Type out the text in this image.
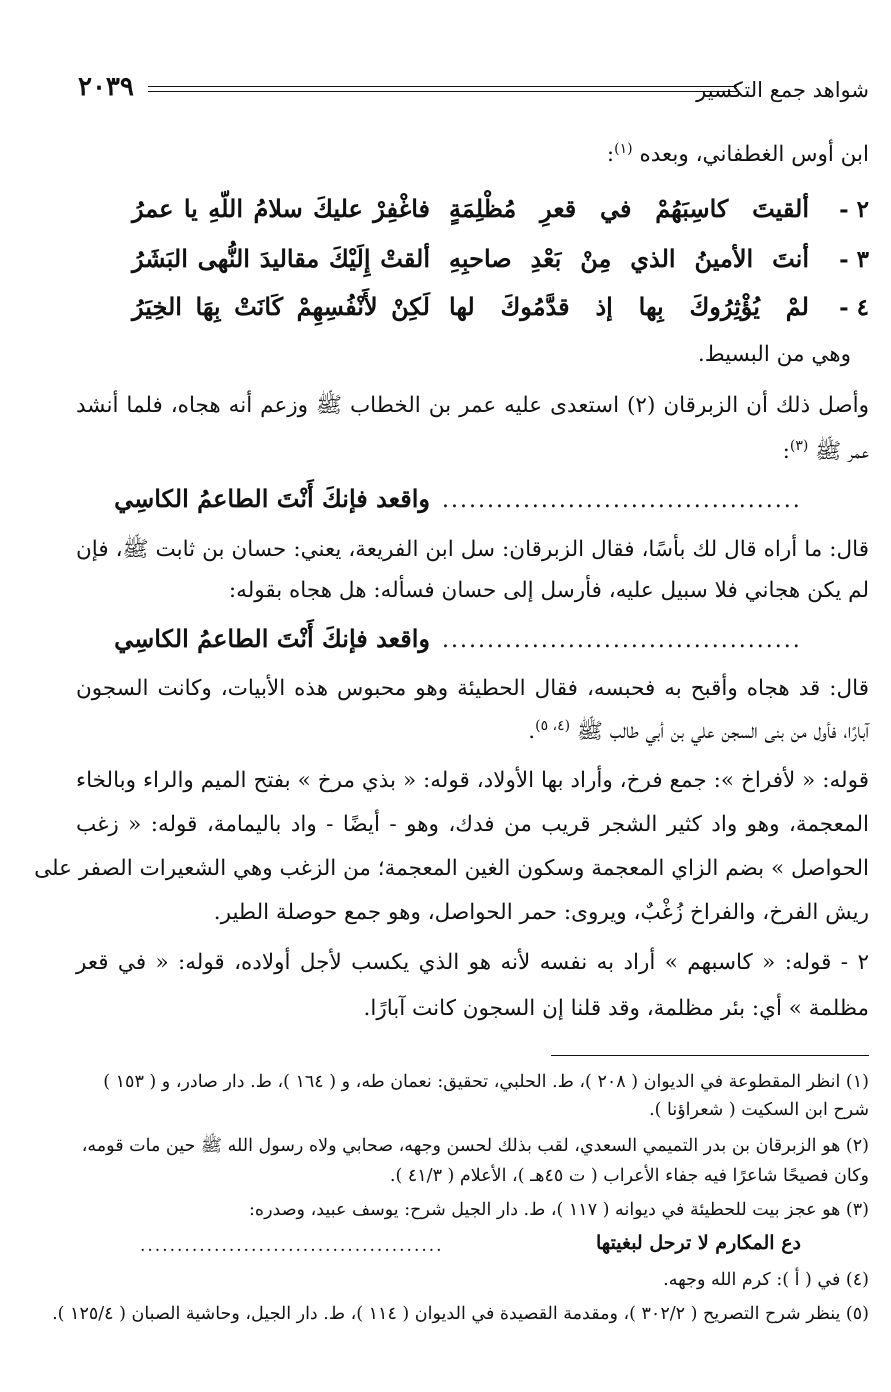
شواهد جمع التكسير
٢٠٣٩
ابن أوس الغطفاني، وبعده $^{(١)}$:
٢ -
ألقيتَ كاسِبَهُمْ في قعرِ مُظْلِمَةٍ
فاغْفِرْ عليكَ سلامُ اللّهِ يا عمرُ
٣ -
أنتَ الأمينُ الذي مِنْ بَعْدِ صاحبِهِ
ألقتْ إِلَيْكَ مقاليدَ النُّهى البَشَرُ
٤ -
لمْ يُؤْثِرُوكَ بِها إذ قدَّمُوكَ لها
لَكِنْ لأَنْفُسِهِمْ كَانَتْ بِهَا الخِيَرُ
وهي من البسيط.
وأصل ذلك أن الزبرقان (٢) استعدى عليه عمر بن الخطاب ﷺ وزعم أنه هجاه، فلما أنشد
عمر ﷺ $^{(٣)}$:
........................................
واقعد فإنكَ أَنْتَ الطاعمُ الكاسِي
قال: ما أراه قال لك بأسًا، فقال الزبرقان: سل ابن الفريعة، يعني: حسان بن ثابت ﷺ، فإن
لم يكن هجاني فلا سبيل عليه، فأرسل إلى حسان فسأله: هل هجاه بقوله:
........................................
واقعد فإنكَ أَنْتَ الطاعمُ الكاسِي
قال: قد هجاه وأقبح به فحبسه، فقال الحطيئة وهو محبوس هذه الأبيات، وكانت السجون
آبارًا، فأول من بنى السجن علي بن أبي طالب ﷺ $^{(٤، ٥)}$.
قوله: « لأفراخ »: جمع فرخ، وأراد بها الأولاد، قوله: « بذي مرخ » بفتح الميم والراء وبالخاء
المعجمة، وهو واد كثير الشجر قريب من فدك، وهو - أيضًا - واد باليمامة، قوله: « زغب
الحواصل » بضم الزاي المعجمة وسكون الغين المعجمة؛ من الزغب وهي الشعيرات الصفر على
ريش الفرخ، والفراخ زُغْبٌ، ويروى: حمر الحواصل، وهو جمع حوصلة الطير.
٢ - قوله: « كاسبهم » أراد به نفسه لأنه هو الذي يكسب لأجل أولاده، قوله: « في قعر
مظلمة » أي: بئر مظلمة، وقد قلنا إن السجون كانت آبارًا.
(١) انظر المقطوعة في الديوان ( ٢٠٨ )، ط. الحلبي، تحقيق: نعمان طه، و ( ١٦٤ )، ط. دار صادر، و ( ١٥٣ )
شرح ابن السكيت ( شعراؤنا ).
(٢) هو الزبرقان بن بدر التميمي السعدي، لقب بذلك لحسن وجهه، صحابي ولاه رسول الله ﷺ حين مات قومه،
وكان فصيحًا شاعرًا فيه جفاء الأعراب ( ت ٤٥هـ )، الأعلام ( ٤١/٣ ).
(٣) هو عجز بيت للحطيئة في ديوانه ( ١١٧ )، ط. دار الجيل شرح: يوسف عبيد، وصدره:
دع المكارم لا ترحل لبغيتها
.........................................
(٤) في ( أ ): كرم الله وجهه.
(٥) ينظر شرح التصريح ( ٣٠٢/٢ )، ومقدمة القصيدة في الديوان ( ١١٤ )، ط. دار الجيل، وحاشية الصبان ( ١٢٥/٤ ).
